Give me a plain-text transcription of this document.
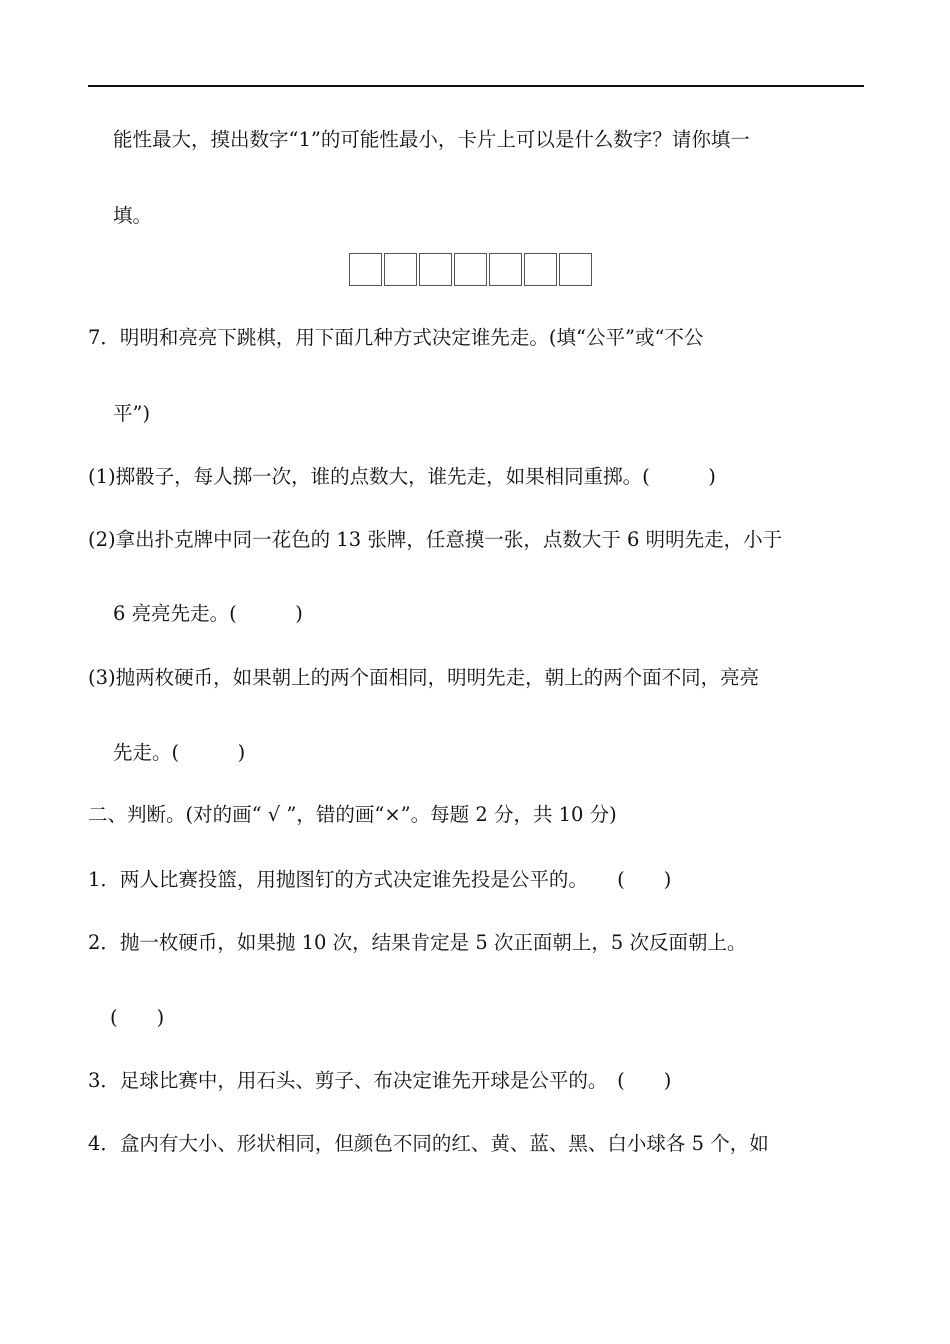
能性最大，摸出数字“1”的可能性最小，卡片上可以是什么数字？请你填一
填。
7．明明和亮亮下跳棋，用下面几种方式决定谁先走。(填“公平”或“不公
平”)
(1)掷骰子，每人掷一次，谁的点数大，谁先走，如果相同重掷。(　　　)
(2)拿出扑克牌中同一花色的 13 张牌，任意摸一张，点数大于 6 明明先走，小于
6 亮亮先走。(　　　)
(3)抛两枚硬币，如果朝上的两个面相同，明明先走，朝上的两个面不同，亮亮
先走。(　　　)
二、判断。(对的画“ √ ”，错的画“×”。每题 2 分，共 10 分)
1．两人比赛投篮，用抛图钉的方式决定谁先投是公平的。　　(　　)
2．抛一枚硬币，如果抛 10 次，结果肯定是 5 次正面朝上，5 次反面朝上。
(　　)
3．足球比赛中，用石头、剪子、布决定谁先开球是公平的。　(　　)
4．盒内有大小、形状相同，但颜色不同的红、黄、蓝、黑、白小球各 5 个，如
